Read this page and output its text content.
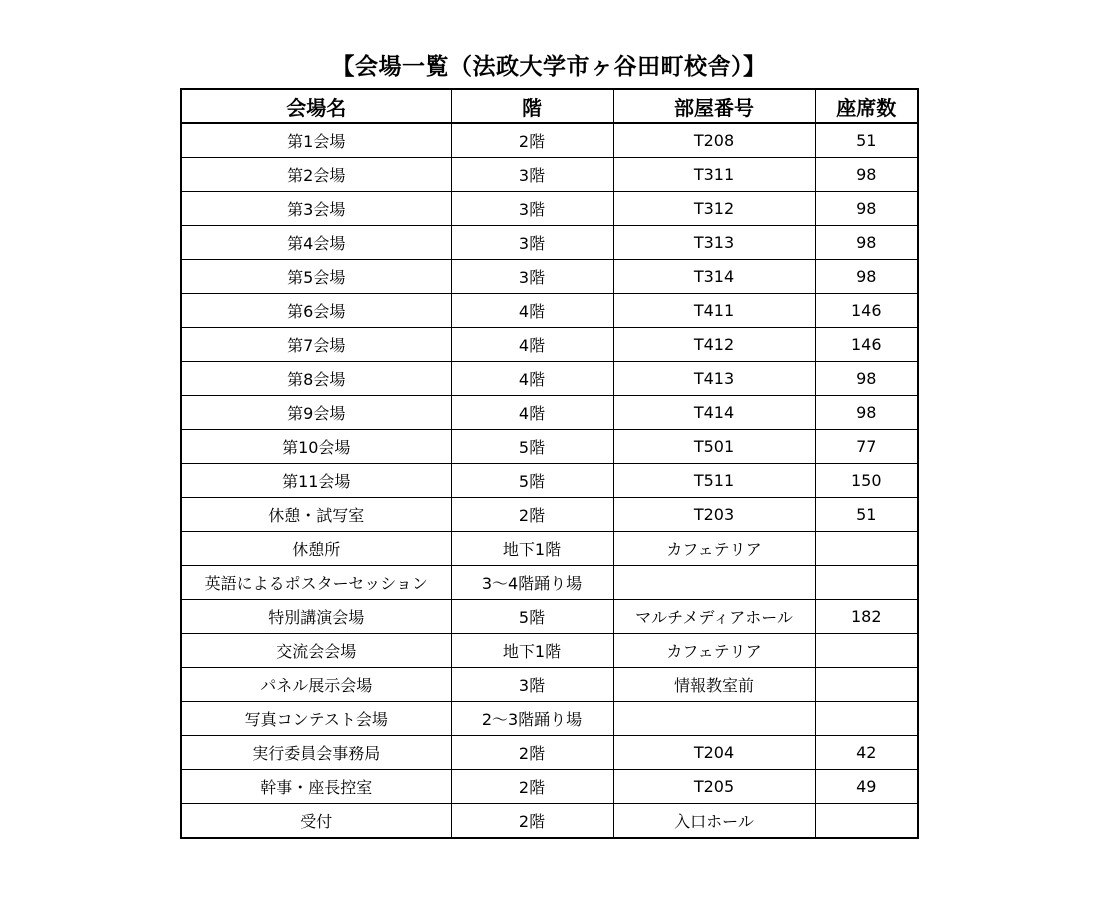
【会場一覧（法政大学市ヶ谷田町校舎）】
会場名	階	部屋番号	座席数
第1会場	2階	T208	51
第2会場	3階	T311	98
第3会場	3階	T312	98
第4会場	3階	T313	98
第5会場	3階	T314	98
第6会場	4階	T411	146
第7会場	4階	T412	146
第8会場	4階	T413	98
第9会場	4階	T414	98
第10会場	5階	T501	77
第11会場	5階	T511	150
休憩・試写室	2階	T203	51
休憩所	地下1階	カフェテリア	
英語によるポスターセッション	3～4階踊り場		
特別講演会場	5階	マルチメディアホール	182
交流会会場	地下1階	カフェテリア	
パネル展示会場	3階	情報教室前	
写真コンテスト会場	2～3階踊り場		
実行委員会事務局	2階	T204	42
幹事・座長控室	2階	T205	49
受付	2階	入口ホール	
